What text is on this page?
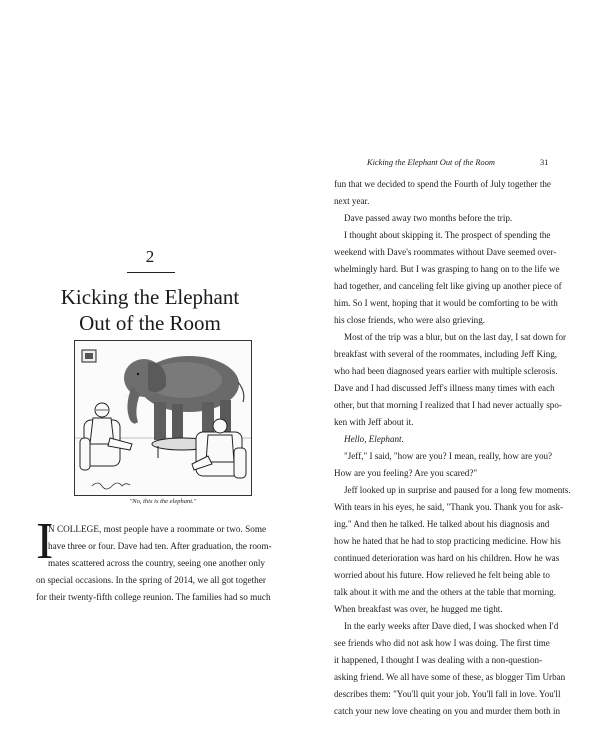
2
Kicking the Elephant
Out of the Room
"No, this is the elephant."
I
N COLLEGE, most people have a roommate or two. Some
have three or four. Dave had ten. After graduation, the room-
mates scattered across the country, seeing one another only
on special occasions. In the spring of 2014, we all got together
for their twenty-fifth college reunion. The families had so much
Kicking the Elephant Out of the Room	31
fun that we decided to spend the Fourth of July together the
next year.
Dave passed away two months before the trip.
I thought about skipping it. The prospect of spending the
weekend with Dave's roommates without Dave seemed over-
whelmingly hard. But I was grasping to hang on to the life we
had together, and canceling felt like giving up another piece of
him. So I went, hoping that it would be comforting to be with
his close friends, who were also grieving.
Most of the trip was a blur, but on the last day, I sat down for
breakfast with several of the roommates, including Jeff King,
who had been diagnosed years earlier with multiple sclerosis.
Dave and I had discussed Jeff's illness many times with each
other, but that morning I realized that I had never actually spo-
ken with Jeff about it.
Hello, Elephant.
"Jeff," I said, "how are you? I mean, really, how are you?
How are you feeling? Are you scared?"
Jeff looked up in surprise and paused for a long few moments.
With tears in his eyes, he said, "Thank you. Thank you for ask-
ing." And then he talked. He talked about his diagnosis and
how he hated that he had to stop practicing medicine. How his
continued deterioration was hard on his children. How he was
worried about his future. How relieved he felt being able to
talk about it with me and the others at the table that morning.
When breakfast was over, he hugged me tight.
In the early weeks after Dave died, I was shocked when I'd
see friends who did not ask how I was doing. The first time
it happened, I thought I was dealing with a non-question-
asking friend. We all have some of these, as blogger Tim Urban
describes them: "You'll quit your job. You'll fall in love. You'll
catch your new love cheating on you and murder them both in
